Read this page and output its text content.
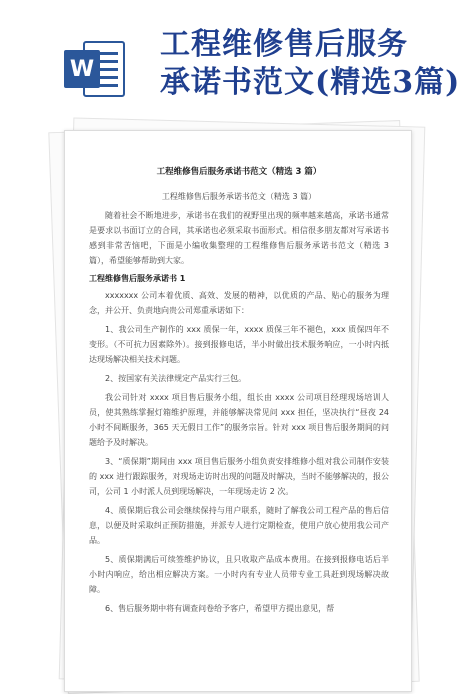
W
工程维修售后服务
承诺书范文(精选3篇)
工程维修售后服务承诺书范文（精选 3 篇）

工程维修售后服务承诺书范文（精选 3 篇）

随着社会不断地进步，承诺书在我们的视野里出现的频率越来越高，承诺书通常是要求以书面订立的合同，其承诺也必须采取书面形式。相信很多朋友都对写承诺书感到非常苦恼吧，下面是小编收集整理的工程维修售后服务承诺书范文（精选 3 篇），希望能够帮助到大家。

工程维修售后服务承诺书 1

xxxxxxx 公司本着优质、高效、发展的精神，以优质的产品、贴心的服务为理念，并公开、负责地向贵公司郑重承诺如下：

1、我公司生产制作的 xxx 质保一年，xxxx 质保三年不褪色，xxx 质保四年不变形。（不可抗力因素除外）。接到报修电话，半小时做出技术服务响应，一小时内抵达现场解决相关技术问题。

2、按国家有关法律规定产品实行三包。

我公司针对 xxxx 项目售后服务小组，组长由 xxxx 公司项目经理现场培训人员，使其熟练掌握灯箱维护原理，并能够解决常见问 xxx 担任，坚决执行“昼夜 24 小时不间断服务，365 天无假日工作”的服务宗旨。针对 xxx 项目售后服务期间的问题给予及时解决。

3、“质保期”期间由 xxx 项目售后服务小组负责安排维修小组对我公司制作安装的 xxx 进行跟踪服务，对现场走访时出现的问题及时解决，当时不能够解决的，报公司，公司 1 小时派人员到现场解决，一年现场走访 2 次。

4、质保期后我公司会继续保持与用户联系，随时了解我公司工程产品的售后信息，以便及时采取纠正预防措施，并派专人进行定期检查，使用户放心使用我公司产品。

5、质保期满后可续签维护协议，且只收取产品成本费用。在接到报修电话后半小时内响应，给出相应解决方案。一小时内有专业人员带专业工具赶到现场解决故障。

6、售后服务期中将有调查问卷给予客户，希望甲方提出意见，帮
